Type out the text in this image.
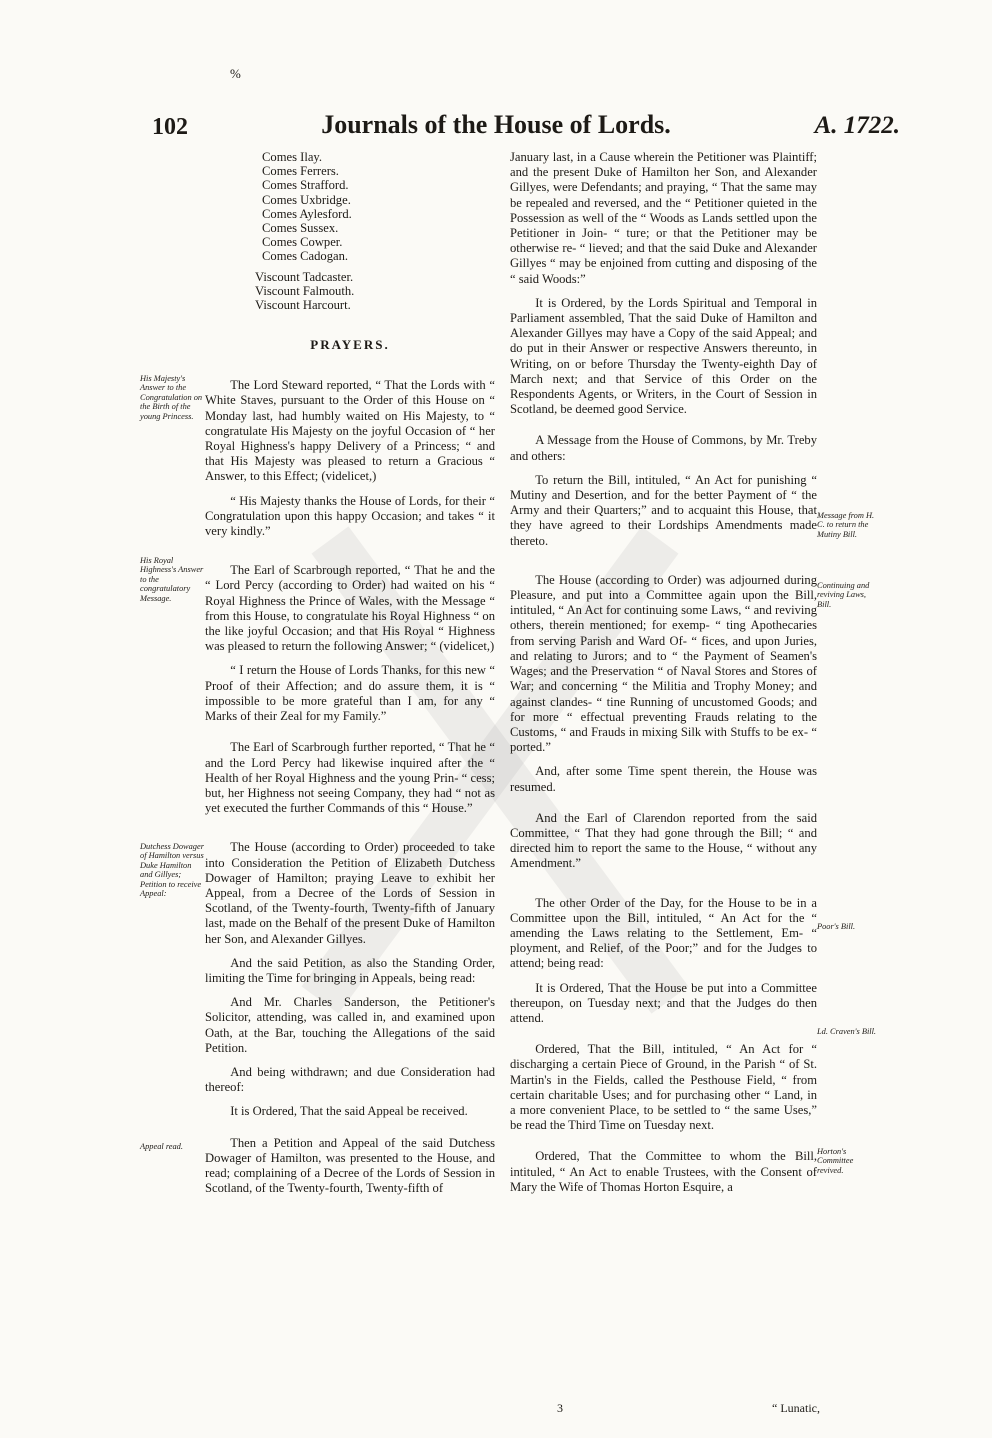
%
102	Journals of the House of Lords.	A. 1722.
Comes Ilay.
Comes Ferrers.
Comes Strafford.
Comes Uxbridge.
Comes Aylesford.
Comes Sussex.
Comes Cowper.
Comes Cadogan.
Viscount Tadcaster.
Viscount Falmouth.
Viscount Harcourt.
PRAYERS.

The Lord Steward reported, “ That the Lords with “ White Staves, pursuant to the Order of this House on “ Monday last, had humbly waited on His Majesty, to “ congratulate His Majesty on the joyful Occasion of “ her Royal Highness's happy Delivery of a Princess; “ and that His Majesty was pleased to return a Gracious “ Answer, to this Effect; (videlicet,)

“ His Majesty thanks the House of Lords, for their “ Congratulation upon this happy Occasion; and takes “ it very kindly.”

The Earl of Scarbrough reported, “ That he and the “ Lord Percy (according to Order) had waited on his “ Royal Highness the Prince of Wales, with the Message “ from this House, to congratulate his Royal Highness “ on the like joyful Occasion; and that His Royal “ Highness was pleased to return the following Answer; “ (videlicet,)

“ I return the House of Lords Thanks, for this new “ Proof of their Affection; and do assure them, it is “ impossible to be more grateful than I am, for any “ Marks of their Zeal for my Family.”

The Earl of Scarbrough further reported, “ That he “ and the Lord Percy had likewise inquired after the “ Health of her Royal Highness and the young Prin- “ cess; but, her Highness not seeing Company, they had “ not as yet executed the further Commands of this “ House.”

The House (according to Order) proceeded to take into Consideration the Petition of Elizabeth Dutchess Dowager of Hamilton; praying Leave to exhibit her Appeal, from a Decree of the Lords of Session in Scotland, of the Twenty-fourth, Twenty-fifth of January last, made on the Behalf of the present Duke of Hamilton her Son, and Alexander Gillyes.

And the said Petition, as also the Standing Order, limiting the Time for bringing in Appeals, being read:

And Mr. Charles Sanderson, the Petitioner's Solicitor, attending, was called in, and examined upon Oath, at the Bar, touching the Allegations of the said Petition.

And being withdrawn; and due Consideration had thereof:

It is Ordered, That the said Appeal be received.

Then a Petition and Appeal of the said Dutchess Dowager of Hamilton, was presented to the House, and read; complaining of a Decree of the Lords of Session in Scotland, of the Twenty-fourth, Twenty-fifth of

January last, in a Cause wherein the Petitioner was Plaintiff; and the present Duke of Hamilton her Son, and Alexander Gillyes, were Defendants; and praying, “ That the same may be repealed and reversed, and the “ Petitioner quieted in the Possession as well of the “ Woods as Lands settled upon the Petitioner in Join- “ ture; or that the Petitioner may be otherwise re- “ lieved; and that the said Duke and Alexander Gillyes “ may be enjoined from cutting and disposing of the “ said Woods:”

It is Ordered, by the Lords Spiritual and Temporal in Parliament assembled, That the said Duke of Hamilton and Alexander Gillyes may have a Copy of the said Appeal; and do put in their Answer or respective Answers thereunto, in Writing, on or before Thursday the Twenty-eighth Day of March next; and that Service of this Order on the Respondents Agents, or Writers, in the Court of Session in Scotland, be deemed good Service.

A Message from the House of Commons, by Mr. Treby and others:

To return the Bill, intituled, “ An Act for punishing “ Mutiny and Desertion, and for the better Payment of “ the Army and their Quarters;” and to acquaint this House, that they have agreed to their Lordships Amendments made thereto.

The House (according to Order) was adjourned during Pleasure, and put into a Committee again upon the Bill, intituled, “ An Act for continuing some Laws, “ and reviving others, therein mentioned; for exemp- “ ting Apothecaries from serving Parish and Ward Of- “ fices, and upon Juries, and relating to Jurors; and to “ the Payment of Seamen's Wages; and the Preservation “ of Naval Stores and Stores of War; and concerning “ the Militia and Trophy Money; and against clandes- “ tine Running of uncustomed Goods; and for more “ effectual preventing Frauds relating to the Customs, “ and Frauds in mixing Silk with Stuffs to be ex- “ ported.”

And, after some Time spent therein, the House was resumed.

And the Earl of Clarendon reported from the said Committee, “ That they had gone through the Bill; “ and directed him to report the same to the House, “ without any Amendment.”

The other Order of the Day, for the House to be in a Committee upon the Bill, intituled, “ An Act for the “ amending the Laws relating to the Settlement, Em- “ ployment, and Relief, of the Poor;” and for the Judges to attend; being read:

It is Ordered, That the House be put into a Committee thereupon, on Tuesday next; and that the Judges do then attend.

Ordered, That the Bill, intituled, “ An Act for “ discharging a certain Piece of Ground, in the Parish “ of St. Martin's in the Fields, called the Pesthouse Field, “ from certain charitable Uses; and for purchasing other “ Land, in a more convenient Place, to be settled to “ the same Uses,” be read the Third Time on Tuesday next.

Ordered, That the Committee to whom the Bill, intituled, “ An Act to enable Trustees, with the Consent of Mary the Wife of Thomas Horton Esquire, a

His Majesty's Answer to the Congratulation on the Birth of the young Princess.
His Royal Highness's Answer to the congratulatory Message.
Dutchess Dowager of Hamilton versus Duke Hamilton and Gillyes; Petition to receive Appeal:
Appeal read.
Message from H. C. to return the Mutiny Bill.
Continuing and reviving Laws, Bill.
Poor's Bill.
Ld. Craven's Bill.
Horton's Committee revived.
3	“ Lunatic,
